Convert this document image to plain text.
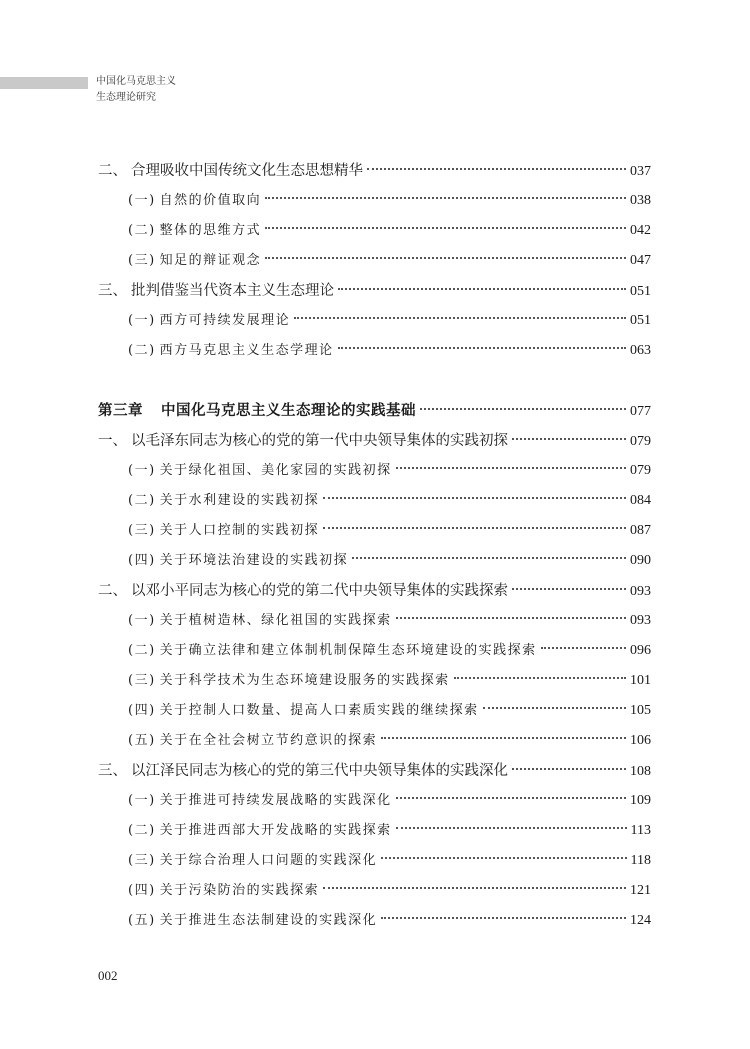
中国化马克思主义
生态理论研究
二、 合理吸收中国传统文化生态思想精华	037
(一) 自然的价值取向	038
(二) 整体的思维方式	042
(三) 知足的辩证观念	047
三、 批判借鉴当代资本主义生态理论	051
(一) 西方可持续发展理论	051
(二) 西方马克思主义生态学理论	063
第三章 中国化马克思主义生态理论的实践基础	077
一、 以毛泽东同志为核心的党的第一代中央领导集体的实践初探	079
(一) 关于绿化祖国、美化家园的实践初探	079
(二) 关于水利建设的实践初探	084
(三) 关于人口控制的实践初探	087
(四) 关于环境法治建设的实践初探	090
二、 以邓小平同志为核心的党的第二代中央领导集体的实践探索	093
(一) 关于植树造林、绿化祖国的实践探索	093
(二) 关于确立法律和建立体制机制保障生态环境建设的实践探索	096
(三) 关于科学技术为生态环境建设服务的实践探索	101
(四) 关于控制人口数量、提高人口素质实践的继续探索	105
(五) 关于在全社会树立节约意识的探索	106
三、 以江泽民同志为核心的党的第三代中央领导集体的实践深化	108
(一) 关于推进可持续发展战略的实践深化	109
(二) 关于推进西部大开发战略的实践探索	113
(三) 关于综合治理人口问题的实践深化	118
(四) 关于污染防治的实践探索	121
(五) 关于推进生态法制建设的实践深化	124
002
